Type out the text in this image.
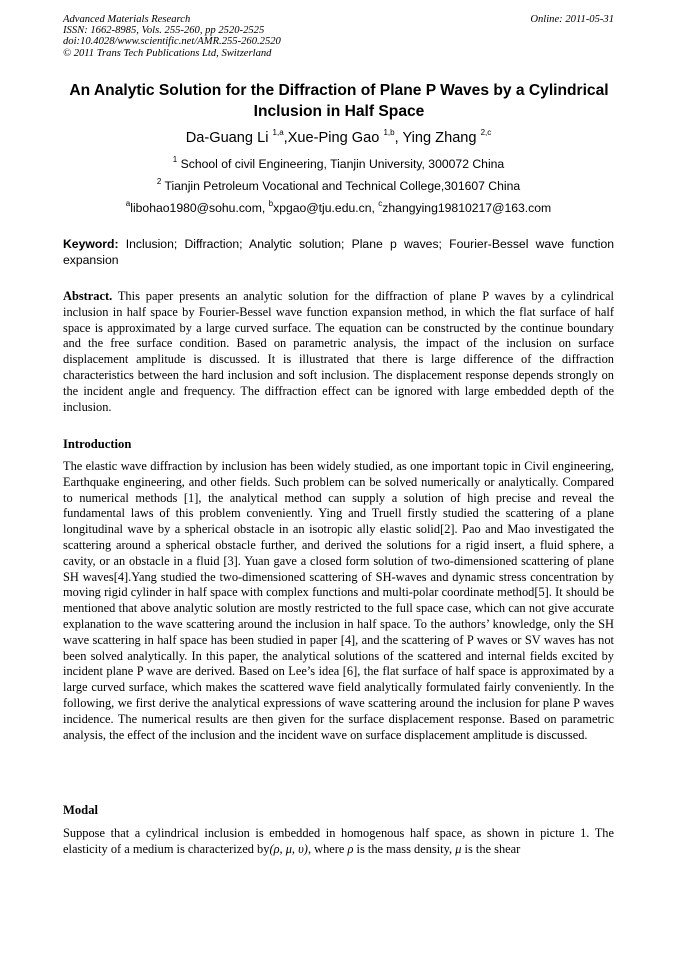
Advanced Materials Research
ISSN: 1662-8985, Vols. 255-260, pp 2520-2525
doi:10.4028/www.scientific.net/AMR.255-260.2520
© 2011 Trans Tech Publications Ltd, Switzerland
Online: 2011-05-31
An Analytic Solution for the Diffraction of Plane P Waves by a Cylindrical Inclusion in Half Space
Da-Guang Li $^{1,a}$,Xue-Ping Gao $^{1,b}$, Ying Zhang $^{2,c}$
$^1$ School of civil Engineering, Tianjin University, 300072 China
$^2$ Tianjin Petroleum Vocational and Technical College,301607 China
$^a$libohao1980@sohu.com, $^b$xpgao@tju.edu.cn, $^c$zhangying19810217@163.com
Keyword: Inclusion; Diffraction; Analytic solution; Plane p waves; Fourier-Bessel wave function expansion
Abstract. This paper presents an analytic solution for the diffraction of plane P waves by a cylindrical inclusion in half space by Fourier-Bessel wave function expansion method, in which the flat surface of half space is approximated by a large curved surface. The equation can be constructed by the continue boundary and the free surface condition. Based on parametric analysis, the impact of the inclusion on surface displacement amplitude is discussed. It is illustrated that there is large difference of the diffraction characteristics between the hard inclusion and soft inclusion. The displacement response depends strongly on the incident angle and frequency. The diffraction effect can be ignored with large embedded depth of the inclusion.
Introduction
The elastic wave diffraction by inclusion has been widely studied, as one important topic in Civil engineering, Earthquake engineering, and other fields. Such problem can be solved numerically or analytically. Compared to numerical methods [1], the analytical method can supply a solution of high precise and reveal the fundamental laws of this problem conveniently. Ying and Truell firstly studied the scattering of a plane longitudinal wave by a spherical obstacle in an isotropic ally elastic solid[2]. Pao and Mao investigated the scattering around a spherical obstacle further, and derived the solutions for a rigid insert, a fluid sphere, a cavity, or an obstacle in a fluid [3]. Yuan gave a closed form solution of two-dimensioned scattering of plane SH waves[4].Yang studied the two-dimensioned scattering of SH-waves and dynamic stress concentration by moving rigid cylinder in half space with complex functions and multi-polar coordinate method[5]. It should be mentioned that above analytic solution are mostly restricted to the full space case, which can not give accurate explanation to the wave scattering around the inclusion in half space. To the authors’ knowledge, only the SH wave scattering in half space has been studied in paper [4], and the scattering of P waves or SV waves has not been solved analytically. In this paper, the analytical solutions of the scattered and internal fields excited by incident plane P wave are derived. Based on Lee’s idea [6], the flat surface of half space is approximated by a large curved surface, which makes the scattered wave field analytically formulated fairly conveniently. In the following, we first derive the analytical expressions of wave scattering around the inclusion for plane P waves incidence. The numerical results are then given for the surface displacement response. Based on parametric analysis, the effect of the inclusion and the incident wave on surface displacement amplitude is discussed.
Modal
Suppose that a cylindrical inclusion is embedded in homogenous half space, as shown in picture 1. The elasticity of a medium is characterized by(ρ, μ, υ), where ρ is the mass density, μ is the shear
